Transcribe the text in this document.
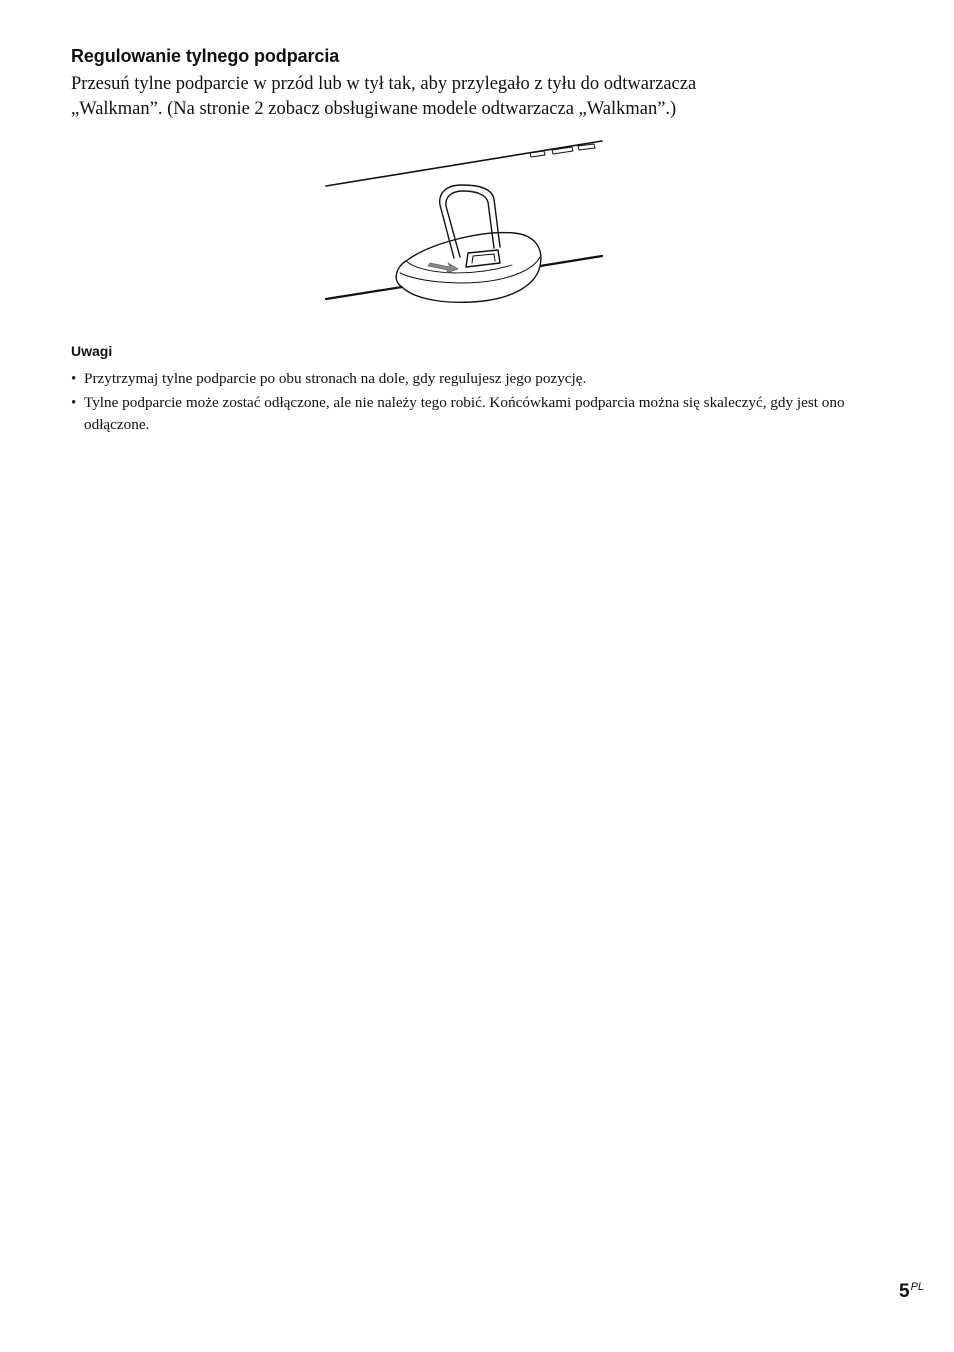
Regulowanie tylnego podparcia
Przesuń tylne podparcie w przód lub w tył tak, aby przylegało z tyłu do odtwarzacza
„Walkman”. (Na stronie 2 zobacz obsługiwane modele odtwarzacza „Walkman”.)
Uwagi
• Przytrzymaj tylne podparcie po obu stronach na dole, gdy regulujesz jego pozycję.
• Tylne podparcie może zostać odłączone, ale nie należy tego robić. Końcówkami podparcia można się skaleczyć, gdy jest ono odłączone.
$5^{PL}$
